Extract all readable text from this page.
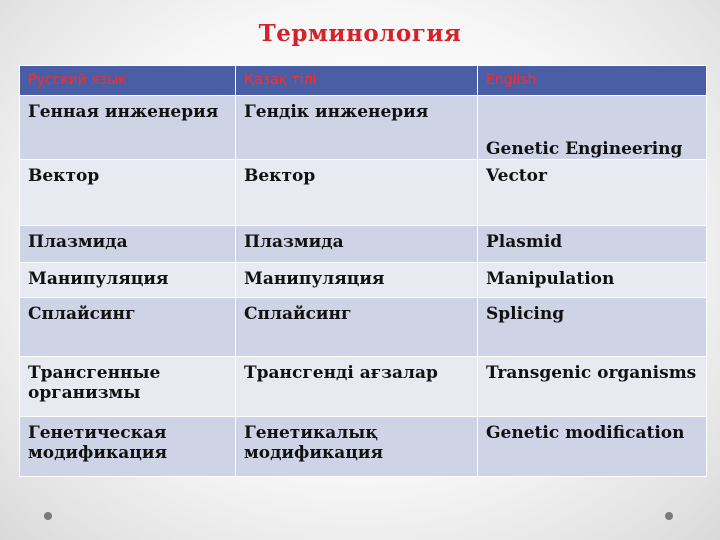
Терминология
Русский язык	Қазақ тілі	English
Генная инженерия	Гендік инженерия	Genetic Engineering
Вектор	Вектор	Vector
Плазмида	Плазмида	Plasmid
Манипуляция	Манипуляция	Manipulation
Сплайсинг	Сплайсинг	Splicing
Трансгенные организмы	Трансгенді ағзалар	Transgenic organisms
Генетическая модификация	Генетикалық модификация	Genetic modification
